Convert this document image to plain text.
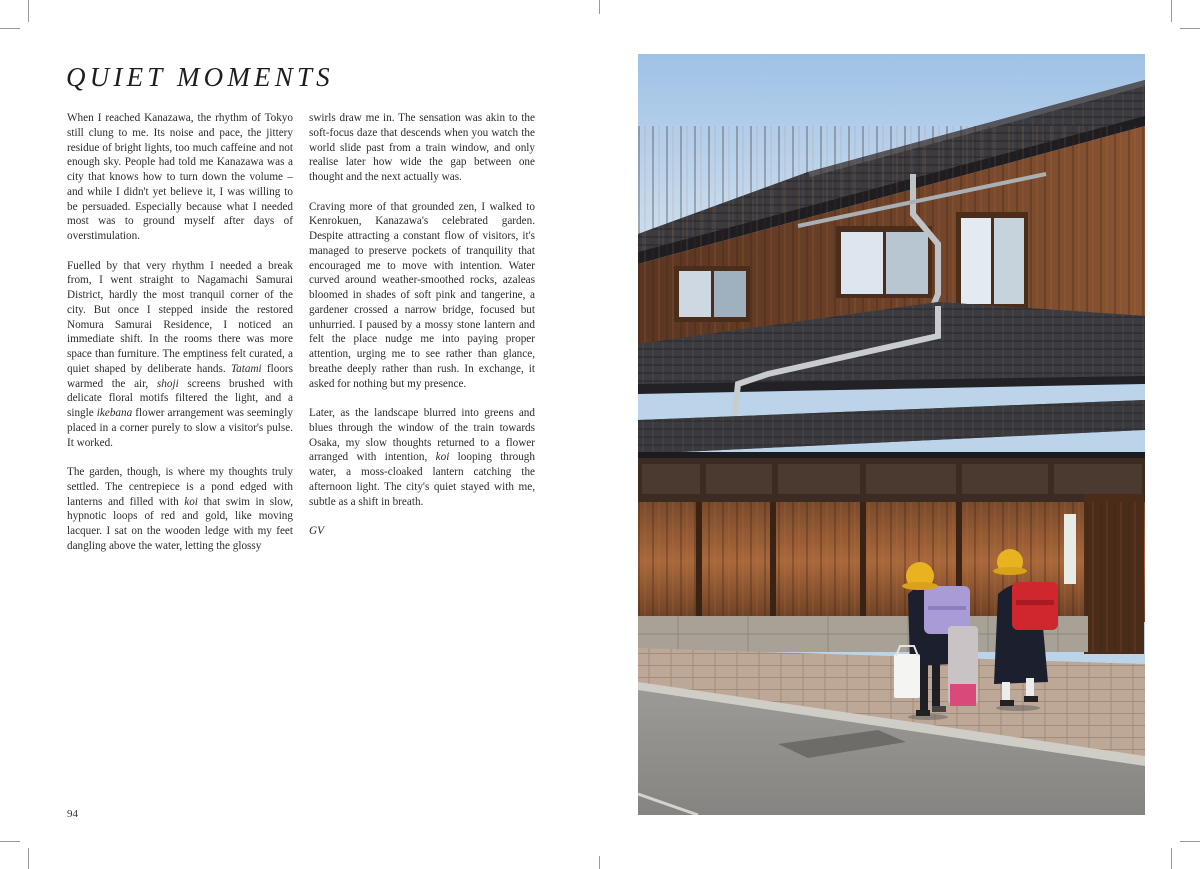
QUIET MOMENTS

When I reached Kanazawa, the rhythm of Tokyo still clung to me. Its noise and pace, the jittery residue of bright lights, too much caffeine and not enough sky. People had told me Kanazawa was a city that knows how to turn down the volume – and while I didn't yet believe it, I was willing to be persuaded. Especially because what I needed most was to ground myself after days of overstimulation.

Fuelled by that very rhythm I needed a break from, I went straight to Nagamachi Samurai District, hardly the most tranquil corner of the city. But once I stepped inside the restored Nomura Samurai Residence, I noticed an immediate shift. In the rooms there was more space than furniture. The emptiness felt curated, a quiet shaped by deliberate hands. Tatami floors warmed the air, shoji screens brushed with delicate floral motifs filtered the light, and a single ikebana flower arrangement was seemingly placed in a corner purely to slow a visitor's pulse. It worked.

The garden, though, is where my thoughts truly settled. The centrepiece is a pond edged with lanterns and filled with koi that swim in slow, hypnotic loops of red and gold, like moving lacquer. I sat on the wooden ledge with my feet dangling above the water, letting the glossy

swirls draw me in. The sensation was akin to the soft-focus daze that descends when you watch the world slide past from a train window, and only realise later how wide the gap between one thought and the next actually was.

Craving more of that grounded zen, I walked to Kenrokuen, Kanazawa's celebrated garden. Despite attracting a constant flow of visitors, it's managed to preserve pockets of tranquility that encouraged me to move with intention. Water curved around weather-smoothed rocks, azaleas bloomed in shades of soft pink and tangerine, a gardener crossed a narrow bridge, focused but unhurried. I paused by a mossy stone lantern and felt the place nudge me into paying proper attention, urging me to see rather than glance, breathe deeply rather than rush. In exchange, it asked for nothing but my presence.

Later, as the landscape blurred into greens and blues through the window of the train towards Osaka, my slow thoughts returned to a flower arranged with intention, koi looping through water, a moss-cloaked lantern catching the afternoon light. The city's quiet stayed with me, subtle as a shift in breath.

GV

94
